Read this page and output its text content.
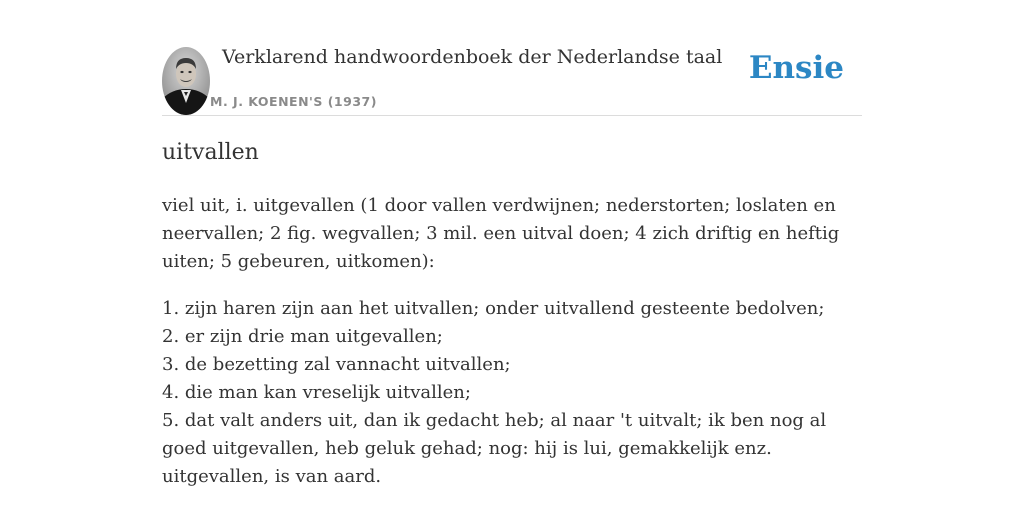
Verklarend handwoordenboek der Nederlandse taal
M. J. KOENEN'S (1937)
Ensie
uitvallen

viel uit, i. uitgevallen (1 door vallen verdwijnen; nederstorten; loslaten en neervallen; 2 fig. wegvallen; 3 mil. een uitval doen; 4 zich driftig en heftig uiten; 5 gebeuren, uitkomen):

1. zijn haren zijn aan het uitvallen; onder uitvallend gesteente bedolven;
2. er zijn drie man uitgevallen;
3. de bezetting zal vannacht uitvallen;
4. die man kan vreselijk uitvallen;
5. dat valt anders uit, dan ik gedacht heb; al naar 't uitvalt; ik ben nog al goed uitgevallen, heb geluk gehad; nog: hij is lui, gemakkelijk enz. uitgevallen, is van aard.
